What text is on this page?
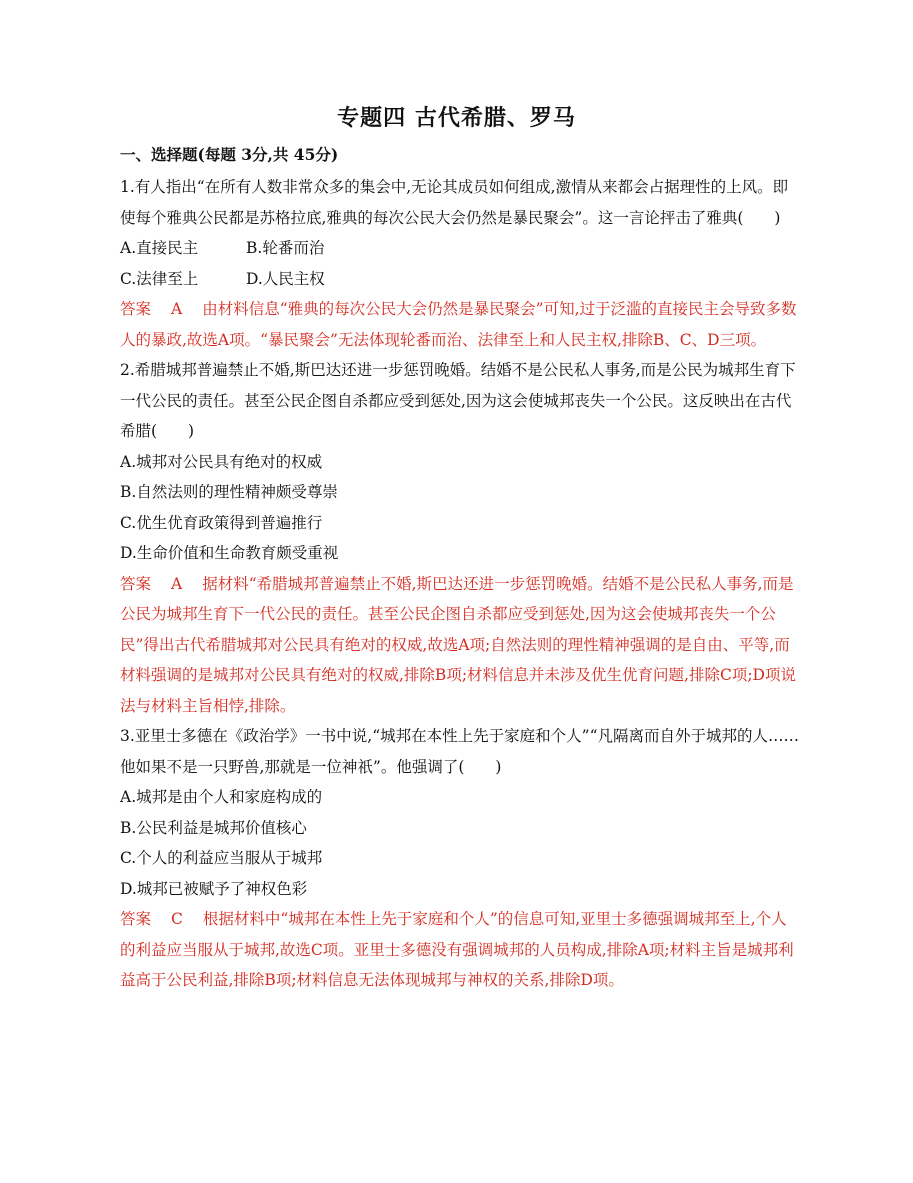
专题四 古代希腊、罗马
一、选择题(每题 3分,共 45分)

1.有人指出“在所有人数非常众多的集会中,无论其成员如何组成,激情从来都会占据理性的上风。即使每个雅典公民都是苏格拉底,雅典的每次公民大会仍然是暴民聚会”。这一言论抨击了雅典(　　)

A.直接民主	B.轮番而治

C.法律至上	D.人民主权

答案 A 由材料信息“雅典的每次公民大会仍然是暴民聚会”可知,过于泛滥的直接民主会导致多数人的暴政,故选A项。“暴民聚会”无法体现轮番而治、法律至上和人民主权,排除B、C、D三项。

2.希腊城邦普遍禁止不婚,斯巴达还进一步惩罚晚婚。结婚不是公民私人事务,而是公民为城邦生育下一代公民的责任。甚至公民企图自杀都应受到惩处,因为这会使城邦丧失一个公民。这反映出在古代希腊(　　)

A.城邦对公民具有绝对的权威

B.自然法则的理性精神颇受尊崇

C.优生优育政策得到普遍推行

D.生命价值和生命教育颇受重视

答案 A 据材料“希腊城邦普遍禁止不婚,斯巴达还进一步惩罚晚婚。结婚不是公民私人事务,而是公民为城邦生育下一代公民的责任。甚至公民企图自杀都应受到惩处,因为这会使城邦丧失一个公民”得出古代希腊城邦对公民具有绝对的权威,故选A项;自然法则的理性精神强调的是自由、平等,而材料强调的是城邦对公民具有绝对的权威,排除B项;材料信息并未涉及优生优育问题,排除C项;D项说法与材料主旨相悖,排除。

3.亚里士多德在《政治学》一书中说,“城邦在本性上先于家庭和个人”“凡隔离而自外于城邦的人……他如果不是一只野兽,那就是一位神祇”。他强调了(　　)

A.城邦是由个人和家庭构成的

B.公民利益是城邦价值核心

C.个人的利益应当服从于城邦

D.城邦已被赋予了神权色彩

答案 C 根据材料中“城邦在本性上先于家庭和个人”的信息可知,亚里士多德强调城邦至上,个人的利益应当服从于城邦,故选C项。亚里士多德没有强调城邦的人员构成,排除A项;材料主旨是城邦利益高于公民利益,排除B项;材料信息无法体现城邦与神权的关系,排除D项。
